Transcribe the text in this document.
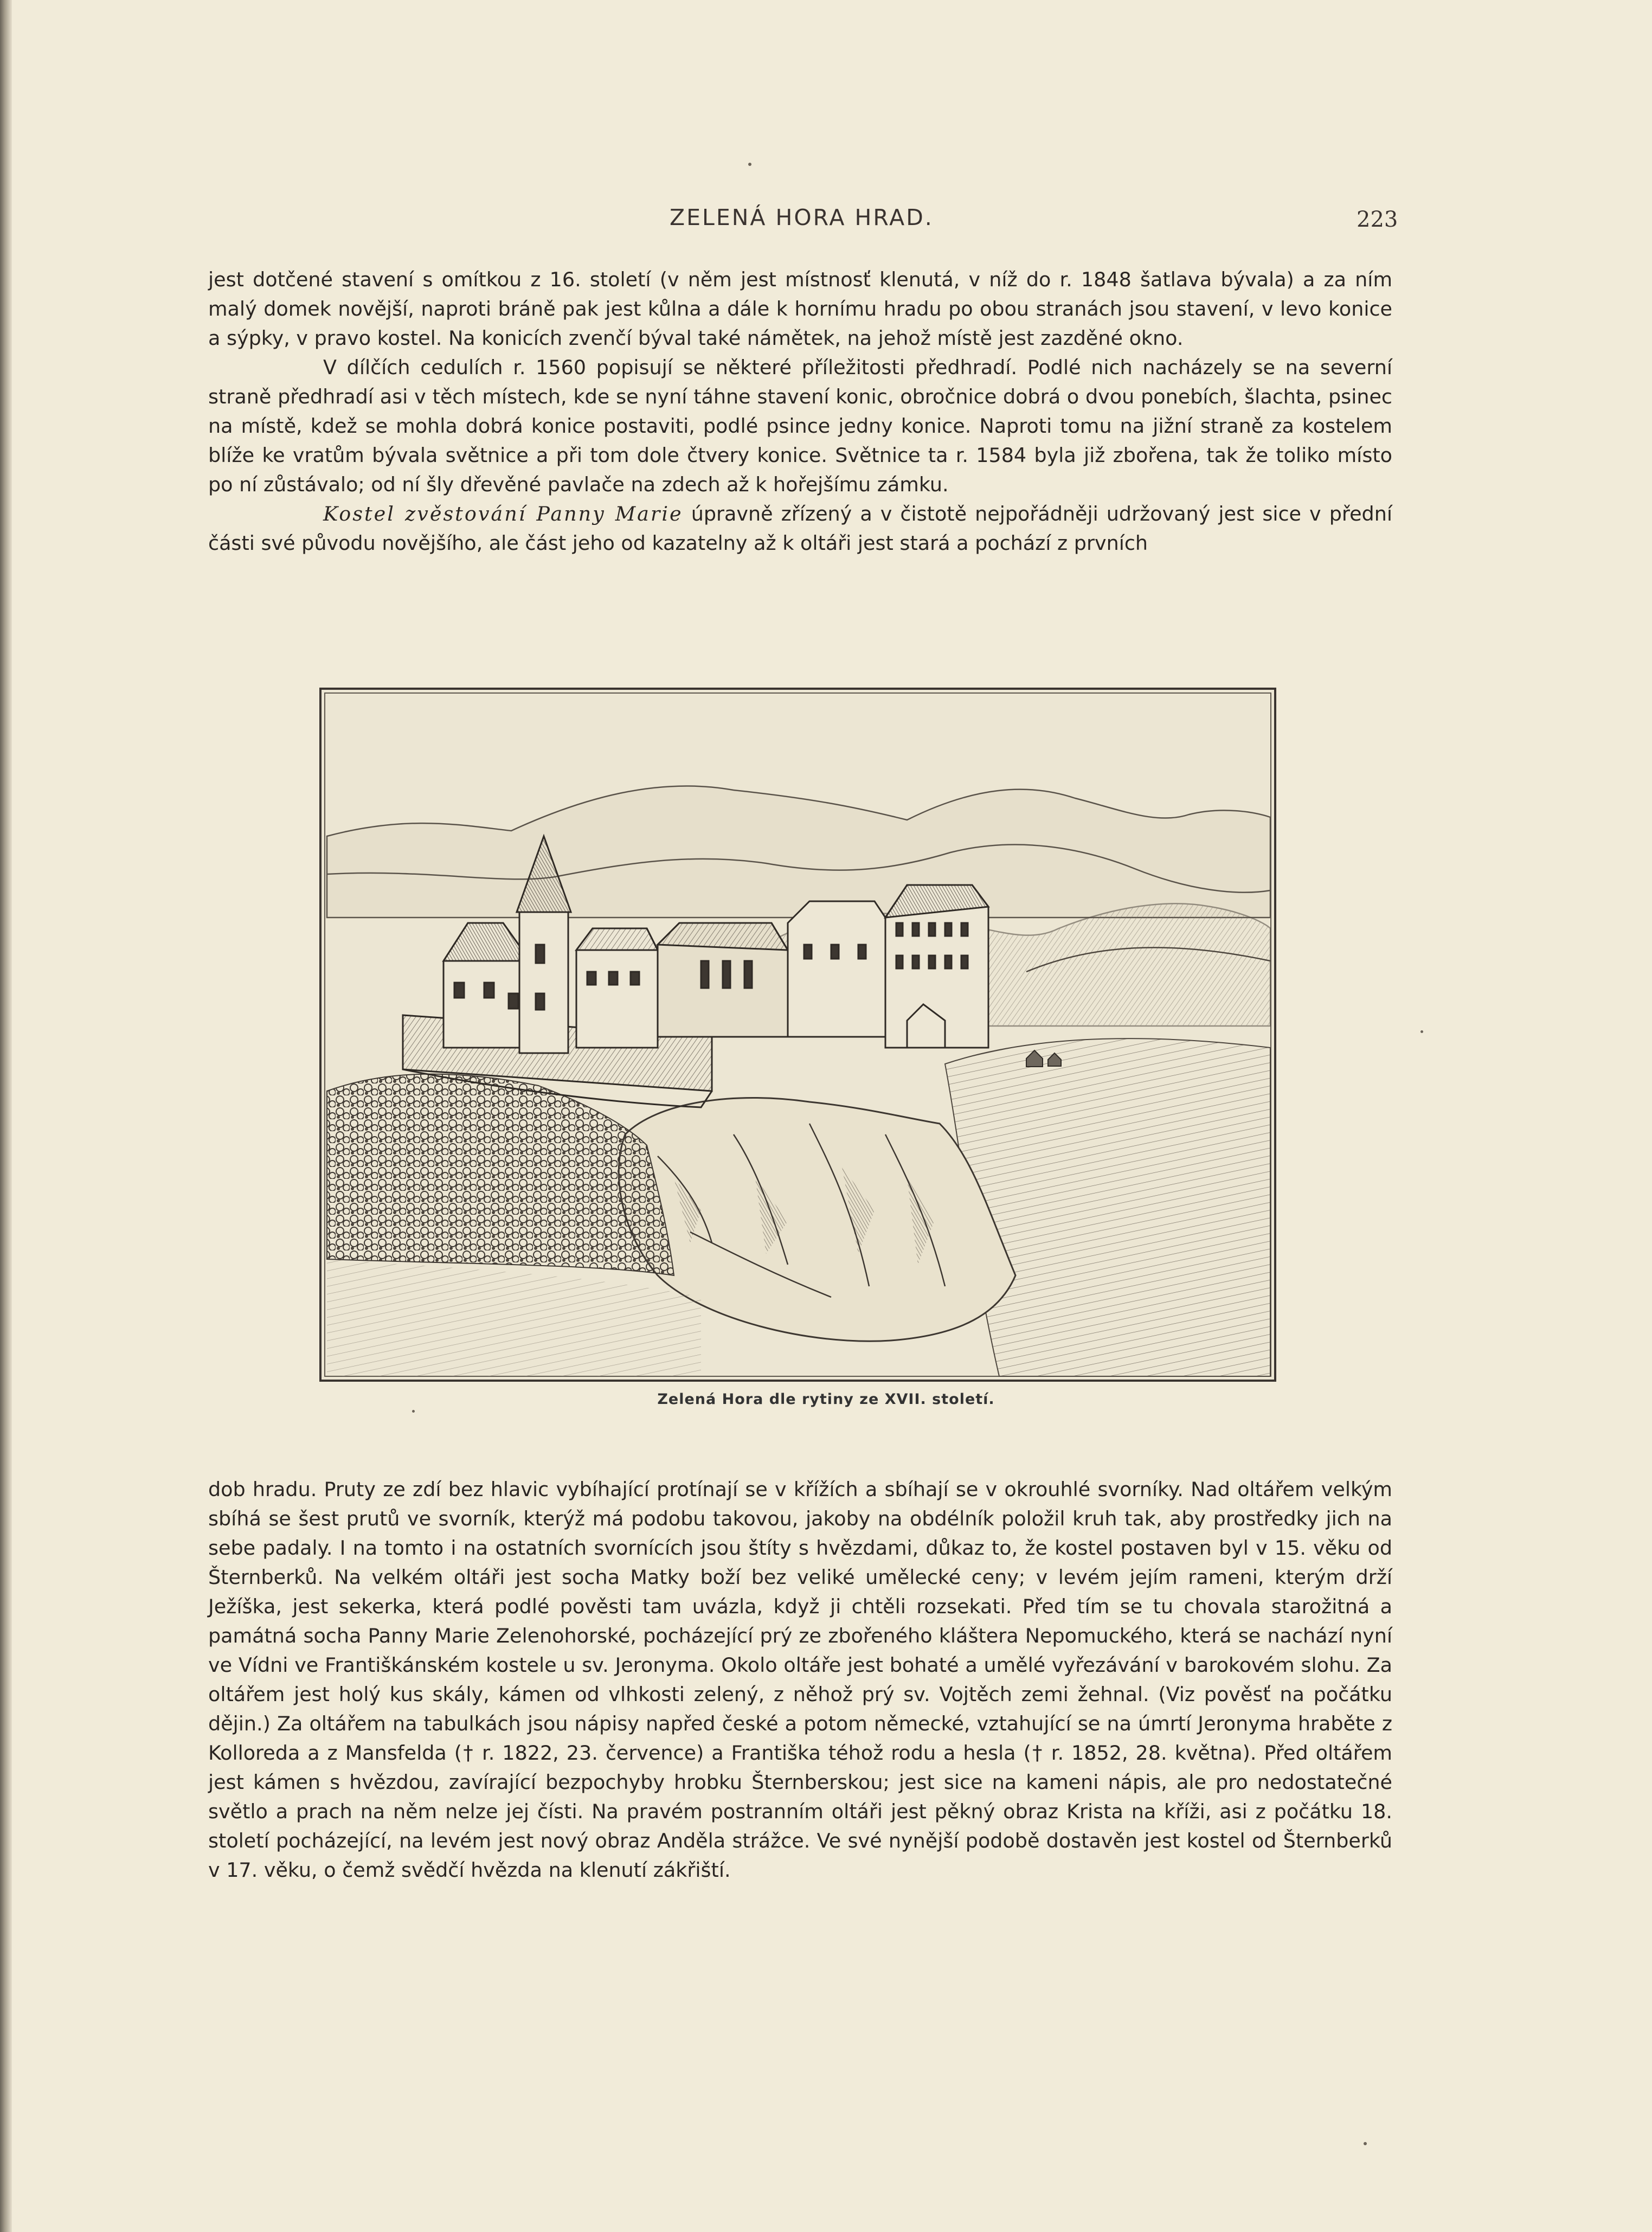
ZELENÁ HORA HRAD.	223

jest dotčené stavení s omítkou z 16. století (v něm jest místnosť klenutá, v níž do r. 1848 šatlava bývala) a za ním malý domek novější, naproti bráně pak jest kůlna a dále k hornímu hradu po obou stranách jsou stavení, v levo konice a sýpky, v pravo kostel. Na konicích zvenčí býval také námětek, na jehož místě jest zazděné okno.

V dílčích cedulích r. 1560 popisují se některé příležitosti předhradí. Podlé nich nacházely se na severní straně předhradí asi v těch místech, kde se nyní táhne stavení konic, obročnice dobrá o dvou ponebích, šlachta, psinec na místě, kdež se mohla dobrá konice postaviti, podlé psince jedny konice. Naproti tomu na jižní straně za kostelem blíže ke vratům bývala světnice a při tom dole čtvery konice. Světnice ta r. 1584 byla již zbořena, tak že toliko místo po ní zůstávalo; od ní šly dřevěné pavlače na zdech až k hořejšímu zámku.

Kostel zvěstování Panny Marie úpravně zřízený a v čistotě nejpořádněji udržovaný jest sice v přední části své původu novějšího, ale část jeho od kazatelny až k oltáři jest stará a pochází z prvních

Zelená Hora dle rytiny ze XVII. století.

dob hradu. Pruty ze zdí bez hlavic vybíhající protínají se v křížích a sbíhají se v okrouhlé svorníky. Nad oltářem velkým sbíhá se šest prutů ve svorník, kterýž má podobu takovou, jakoby na obdélník položil kruh tak, aby prostředky jich na sebe padaly. I na tomto i na ostatních svornících jsou štíty s hvězdami, důkaz to, že kostel postaven byl v 15. věku od Šternberků. Na velkém oltáři jest socha Matky boží bez veliké umělecké ceny; v levém jejím rameni, kterým drží Ježíška, jest sekerka, která podlé pověsti tam uvázla, když ji chtěli rozsekati. Před tím se tu chovala starožitná a památná socha Panny Marie Zelenohorské, pocházející prý ze zbořeného kláštera Nepomuckého, která se nachází nyní ve Vídni ve Františkánském kostele u sv. Jeronyma. Okolo oltáře jest bohaté a umělé vyřezávání v barokovém slohu. Za oltářem jest holý kus skály, kámen od vlhkosti zelený, z něhož prý sv. Vojtěch zemi žehnal. (Viz pověsť na počátku dějin.) Za oltářem na tabulkách jsou nápisy napřed české a potom německé, vztahující se na úmrtí Jeronyma hraběte z Kolloreda a z Mansfelda († r. 1822, 23. července) a Františka téhož rodu a hesla († r. 1852, 28. května). Před oltářem jest kámen s hvězdou, zavírající bezpochyby hrobku Šternberskou; jest sice na kameni nápis, ale pro nedostatečné světlo a prach na něm nelze jej čísti. Na pravém postranním oltáři jest pěkný obraz Krista na kříži, asi z počátku 18. století pocházející, na levém jest nový obraz Anděla strážce. Ve své nynější podobě dostavěn jest kostel od Šternberků v 17. věku, o čemž svědčí hvězda na klenutí zákřiští.
